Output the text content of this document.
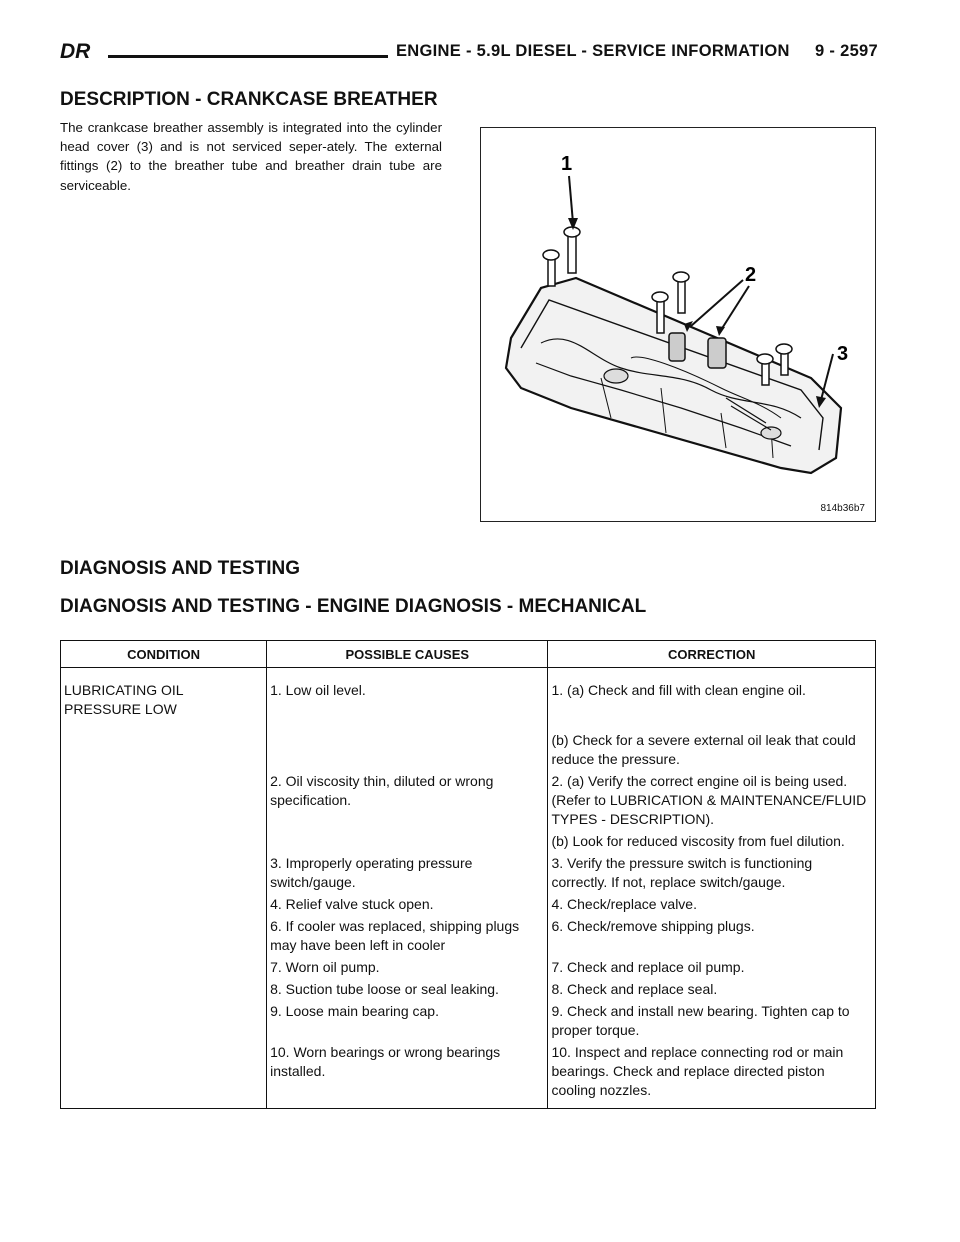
DR	ENGINE - 5.9L DIESEL - SERVICE INFORMATION 9 - 2597
DESCRIPTION - CRANKCASE BREATHER
The crankcase breather assembly is integrated into the cylinder head cover (3) and is not serviced seper-ately. The external fittings (2) to the breather tube and breather drain tube are serviceable.
1
2
3
814b36b7
DIAGNOSIS AND TESTING
DIAGNOSIS AND TESTING - ENGINE DIAGNOSIS - MECHANICAL
CONDITION	POSSIBLE CAUSES	CORRECTION
LUBRICATING OIL PRESSURE LOW	1. Low oil level.	1. (a) Check and fill with clean engine oil.
		(b) Check for a severe external oil leak that could reduce the pressure.
	2. Oil viscosity thin, diluted or wrong specification.	2. (a) Verify the correct engine oil is being used. (Refer to LUBRICATION & MAINTENANCE/FLUID TYPES - DESCRIPTION).
		(b) Look for reduced viscosity from fuel dilution.
	3. Improperly operating pressure switch/gauge.	3. Verify the pressure switch is functioning correctly. If not, replace switch/gauge.
	4. Relief valve stuck open.	4. Check/replace valve.
	6. If cooler was replaced, shipping plugs may have been left in cooler	6. Check/remove shipping plugs.
	7. Worn oil pump.	7. Check and replace oil pump.
	8. Suction tube loose or seal leaking.	8. Check and replace seal.
	9. Loose main bearing cap.	9. Check and install new bearing. Tighten cap to proper torque.
	10. Worn bearings or wrong bearings installed.	10. Inspect and replace connecting rod or main bearings. Check and replace directed piston cooling nozzles.
